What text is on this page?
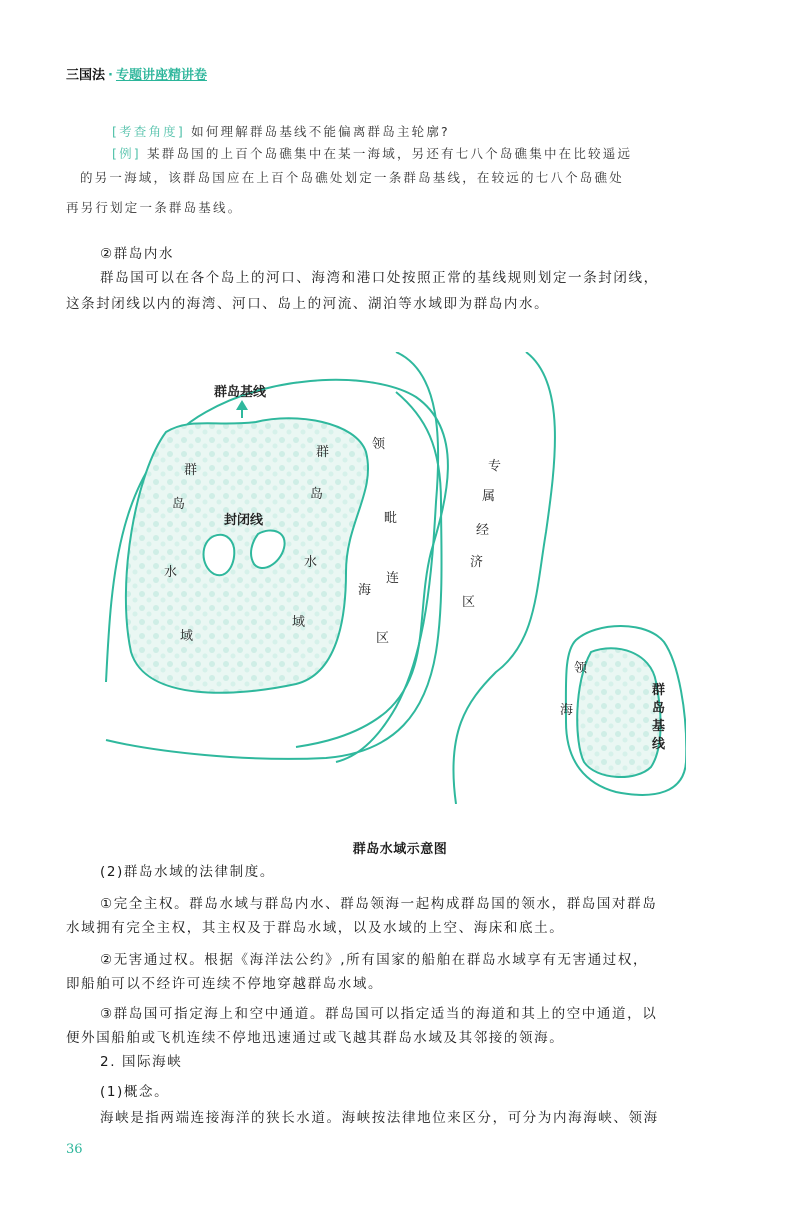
三国法 · 专题讲座精讲卷
[考查角度] 如何理解群岛基线不能偏离群岛主轮廓?
[例] 某群岛国的上百个岛礁集中在某一海域，另还有七八个岛礁集中在比较遥远
的另一海域，该群岛国应在上百个岛礁处划定一条群岛基线，在较远的七八个岛礁处
再另行划定一条群岛基线。
②群岛内水
群岛国可以在各个岛上的河口、海湾和港口处按照正常的基线规则划定一条封闭线，
这条封闭线以内的海湾、河口、岛上的河流、湖泊等水域即为群岛内水。
群岛基线
封闭线
群
岛
水
域
群
岛
水
域
领
毗
连
海
区
专
属
经
济
区
领
海
群
岛
基
线
群岛水域示意图
(2)群岛水域的法律制度。
①完全主权。群岛水域与群岛内水、群岛领海一起构成群岛国的领水，群岛国对群岛
水域拥有完全主权，其主权及于群岛水域，以及水域的上空、海床和底土。
②无害通过权。根据《海洋法公约》,所有国家的船舶在群岛水域享有无害通过权，
即船舶可以不经许可连续不停地穿越群岛水域。
③群岛国可指定海上和空中通道。群岛国可以指定适当的海道和其上的空中通道，以
便外国船舶或飞机连续不停地迅速通过或飞越其群岛水域及其邻接的领海。
2. 国际海峡
(1)概念。
海峡是指两端连接海洋的狭长水道。海峡按法律地位来区分，可分为内海海峡、领海
36
